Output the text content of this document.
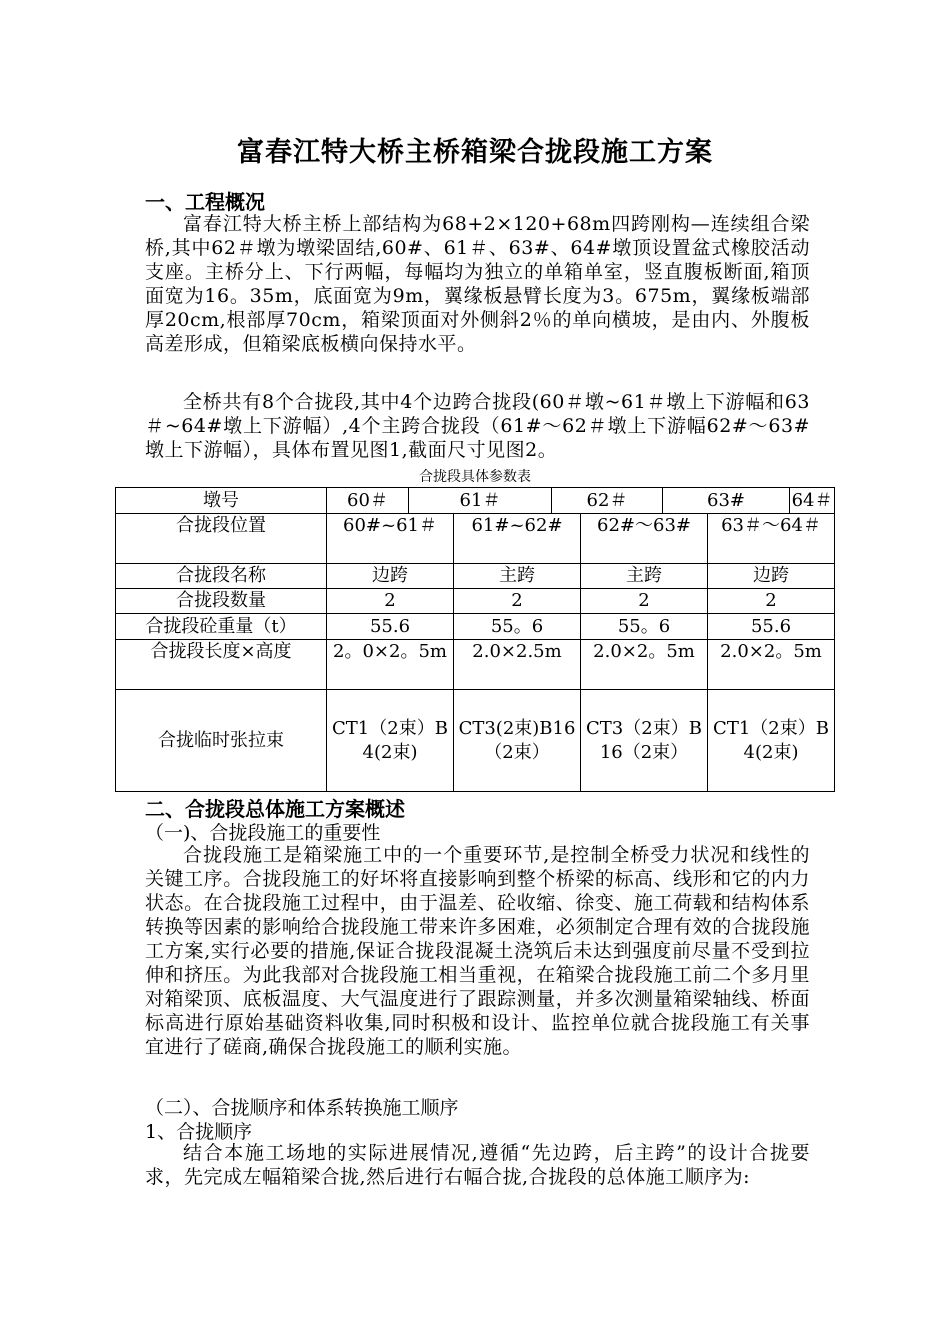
富春江特大桥主桥箱梁合拢段施工方案
一、工程概况
富春江特大桥主桥上部结构为68+2×120+68m四跨刚构—连续组合梁桥,其中62＃墩为墩梁固结,60#、61＃、63#、64#墩顶设置盆式橡胶活动支座。主桥分上、下行两幅，每幅均为独立的单箱单室，竖直腹板断面,箱顶面宽为16。35m，底面宽为9m，翼缘板悬臂长度为3。675m，翼缘板端部厚20cm,根部厚70cm，箱梁顶面对外侧斜2％的单向横坡，是由内、外腹板高差形成，但箱梁底板横向保持水平。
全桥共有8个合拢段,其中4个边跨合拢段(60＃墩~61＃墩上下游幅和63＃~64#墩上下游幅）,4个主跨合拢段（61#～62＃墩上下游幅62#～63#墩上下游幅），具体布置见图1,截面尺寸见图2。
合拢段具体参数表
墩号	60＃ 61＃ 62＃ 63# 64＃			

合拢段位置	60#~61＃	61#~62#	62#～63#	63＃～64＃
合拢段名称	边跨	主跨	主跨	边跨
合拢段数量	2	2	2	2
合拢段砼重量（t）	55.6	55。6	55。6	55.6
合拢段长度×高度	2。0×2。5m	2.0×2.5m	2.0×2。5m	2.0×2。5m
合拢临时张拉束	CT1（2束）B4(2束)	CT3(2束)B16（2束）	CT3（2束）B16（2束）	CT1（2束）B4(2束)
二、合拢段总体施工方案概述
（一)、合拢段施工的重要性
合拢段施工是箱梁施工中的一个重要环节,是控制全桥受力状况和线性的关键工序。合拢段施工的好坏将直接影响到整个桥梁的标高、线形和它的内力状态。在合拢段施工过程中，由于温差、砼收缩、徐变、施工荷载和结构体系转换等因素的影响给合拢段施工带来许多困难，必须制定合理有效的合拢段施工方案,实行必要的措施,保证合拢段混凝土浇筑后未达到强度前尽量不受到拉伸和挤压。为此我部对合拢段施工相当重视，在箱梁合拢段施工前二个多月里对箱梁顶、底板温度、大气温度进行了跟踪测量，并多次测量箱梁轴线、桥面标高进行原始基础资料收集,同时积极和设计、监控单位就合拢段施工有关事宜进行了磋商,确保合拢段施工的顺利实施。
（二）、合拢顺序和体系转换施工顺序
1、合拢顺序
结合本施工场地的实际进展情况,遵循“先边跨，后主跨”的设计合拢要求，先完成左幅箱梁合拢,然后进行右幅合拢,合拢段的总体施工顺序为:
